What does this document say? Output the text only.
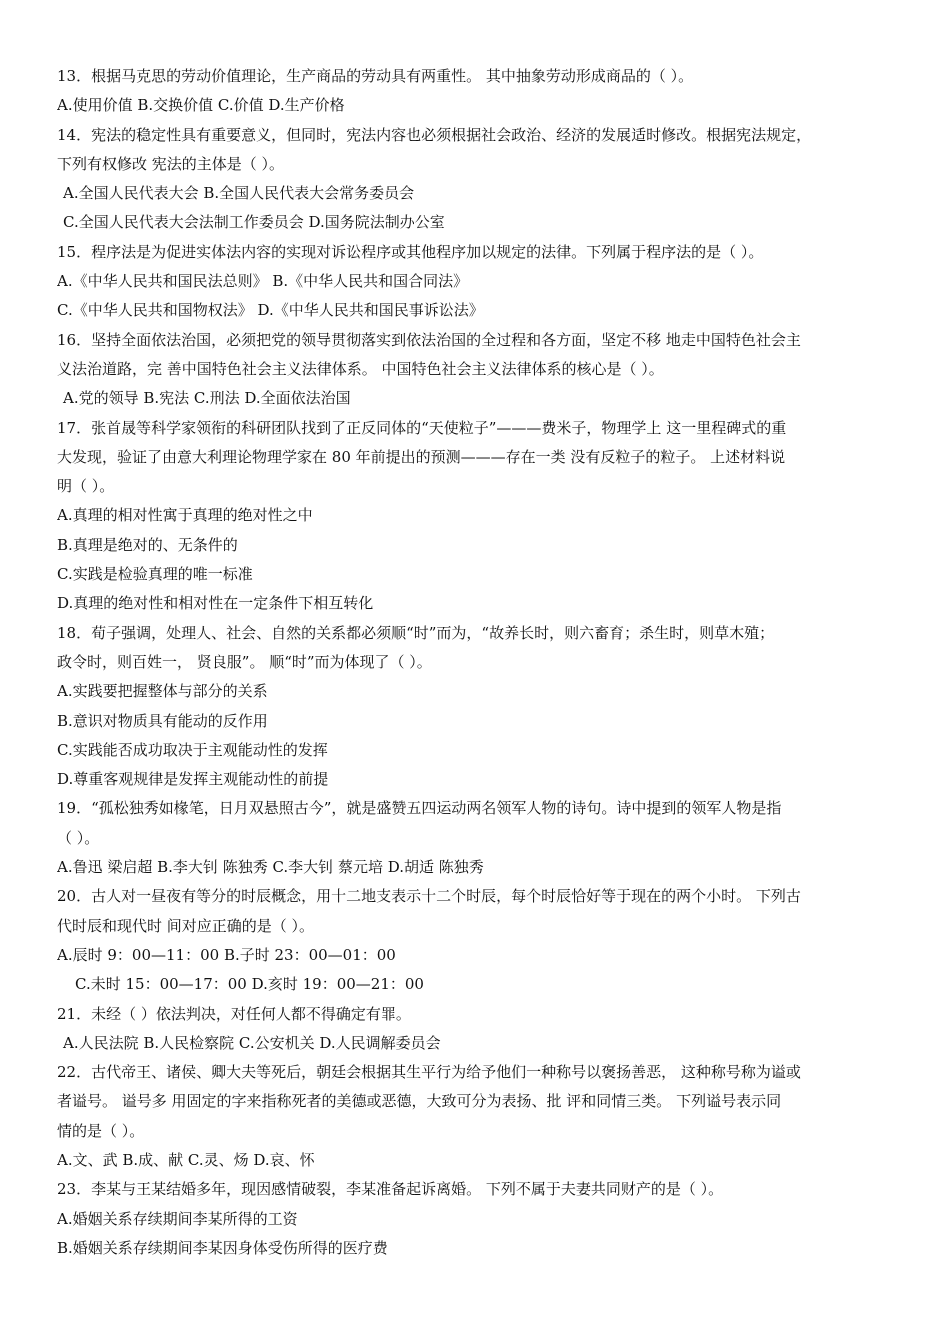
13．根据马克思的劳动价值理论，生产商品的劳动具有两重性。 其中抽象劳动形成商品的（ ）。
A.使用价值 B.交换价值 C.价值 D.生产价格
14．宪法的稳定性具有重要意义，但同时，宪法内容也必须根据社会政治、经济的发展适时修改。根据宪法规定，
下列有权修改 宪法的主体是（ ）。
A.全国人民代表大会 B.全国人民代表大会常务委员会
C.全国人民代表大会法制工作委员会 D.国务院法制办公室
15．程序法是为促进实体法内容的实现对诉讼程序或其他程序加以规定的法律。下列属于程序法的是（ ）。
A.《中华人民共和国民法总则》 B.《中华人民共和国合同法》
C.《中华人民共和国物权法》 D.《中华人民共和国民事诉讼法》
16．坚持全面依法治国，必须把党的领导贯彻落实到依法治国的全过程和各方面，坚定不移 地走中国特色社会主
义法治道路，完 善中国特色社会主义法律体系。 中国特色社会主义法律体系的核心是（ ）。
A.党的领导 B.宪法 C.刑法 D.全面依法治国
17．张首晟等科学家领衔的科研团队找到了正反同体的“天使粒子”———费米子，物理学上 这一里程碑式的重
大发现，验证了由意大利理论物理学家在 80 年前提出的预测———存在一类 没有反粒子的粒子。 上述材料说
明（ ）。
A.真理的相对性寓于真理的绝对性之中
B.真理是绝对的、无条件的
C.实践是检验真理的唯一标准
D.真理的绝对性和相对性在一定条件下相互转化
18．荀子强调，处理人、社会、自然的关系都必须顺“时”而为，“故养长时，则六畜育；杀生时，则草木殖；
政令时，则百姓一， 贤良服”。 顺“时”而为体现了（ ）。
A.实践要把握整体与部分的关系
B.意识对物质具有能动的反作用
C.实践能否成功取决于主观能动性的发挥
D.尊重客观规律是发挥主观能动性的前提
19．“孤松独秀如椽笔，日月双悬照古今”，就是盛赞五四运动两名领军人物的诗句。诗中提到的领军人物是指
（ ）。
A.鲁迅 梁启超 B.李大钊 陈独秀 C.李大钊 蔡元培 D.胡适 陈独秀
20．古人对一昼夜有等分的时辰概念，用十二地支表示十二个时辰，每个时辰恰好等于现在的两个小时。 下列古
代时辰和现代时 间对应正确的是（ ）。
A.辰时 9：00—11：00 B.子时 23：00—01：00
C.未时 15：00—17：00 D.亥时 19：00—21：00
21．未经（ ）依法判决，对任何人都不得确定有罪。
A.人民法院 B.人民检察院 C.公安机关 D.人民调解委员会
22．古代帝王、诸侯、卿大夫等死后，朝廷会根据其生平行为给予他们一种称号以褒扬善恶， 这种称号称为谥或
者谥号。 谥号多 用固定的字来指称死者的美德或恶德，大致可分为表扬、批 评和同情三类。 下列谥号表示同
情的是（ ）。
A.文、武 B.成、献 C.灵、炀 D.哀、怀
23．李某与王某结婚多年，现因感情破裂，李某准备起诉离婚。 下列不属于夫妻共同财产的是（ ）。
A.婚姻关系存续期间李某所得的工资
B.婚姻关系存续期间李某因身体受伤所得的医疗费
